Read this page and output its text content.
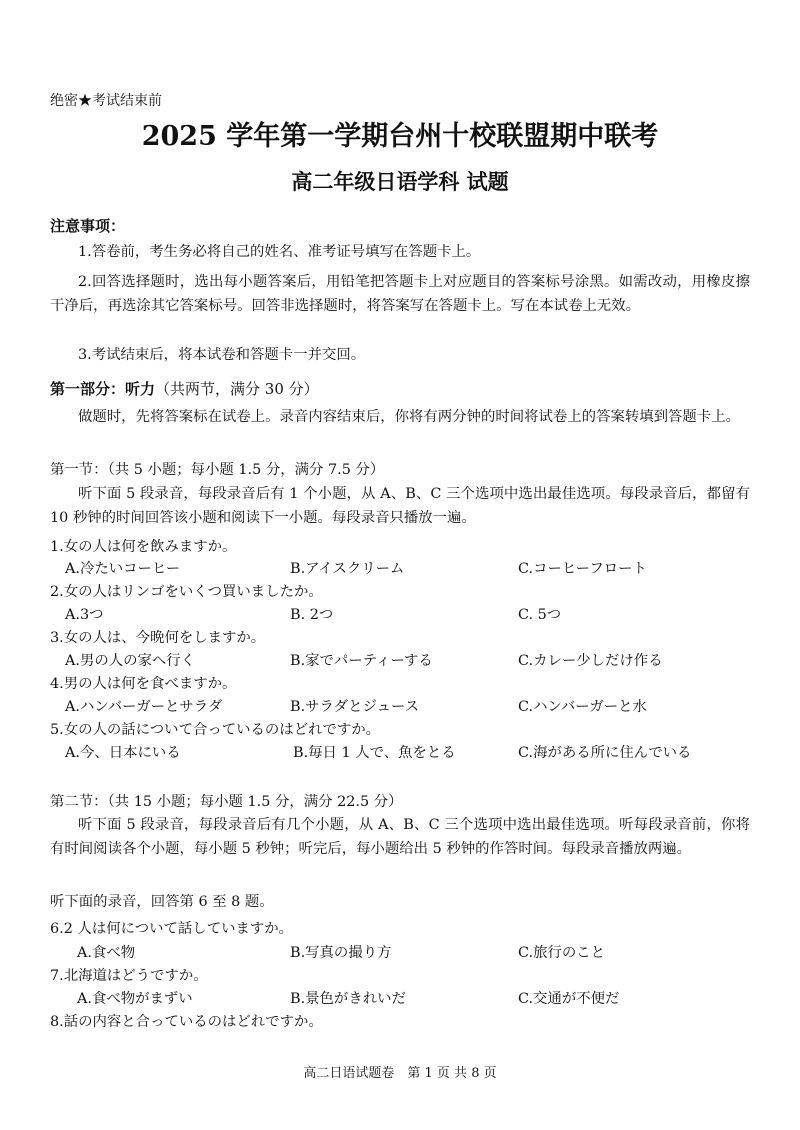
绝密★考试结束前
2025 学年第一学期台州十校联盟期中联考
高二年级日语学科 试题
注意事项：
1.答卷前，考生务必将自己的姓名、准考证号填写在答题卡上。
2.回答选择题时，选出每小题答案后，用铅笔把答题卡上对应题目的答案标号涂黑。如需改动，用橡皮擦干净后，再选涂其它答案标号。回答非选择题时，将答案写在答题卡上。写在本试卷上无效。
3.考试结束后，将本试卷和答题卡一并交回。
第一部分：听力（共两节，满分 30 分）
做题时，先将答案标在试卷上。录音内容结束后，你将有两分钟的时间将试卷上的答案转填到答题卡上。
第一节：（共 5 小题；每小题 1.5 分，满分 7.5 分）
听下面 5 段录音，每段录音后有 1 个小题，从 A、B、C 三个选项中选出最佳选项。每段录音后，都留有 10 秒钟的时间回答该小题和阅读下一小题。每段录音只播放一遍。
1.女の人は何を飲みますか。
A.冷たいコーヒー	B.アイスクリーム	C.コーヒーフロート
2.女の人はリンゴをいくつ買いましたか。
A.3つ	B. 2つ	C. 5つ
3.女の人は、今晩何をしますか。
A.男の人の家へ行く	B.家でパーティーする	C.カレー少しだけ作る
4.男の人は何を食べますか。
A.ハンバーガーとサラダ	B.サラダとジュース	C.ハンバーガーと水
5.女の人の話について合っているのはどれですか。
A.今、日本にいる	B.毎日 1 人で、魚をとる	C.海がある所に住んでいる
第二节：（共 15 小题；每小题 1.5 分，满分 22.5 分）
听下面 5 段录音，每段录音后有几个小题，从 A、B、C 三个选项中选出最佳选项。听每段录音前，你将有时间阅读各个小题，每小题 5 秒钟；听完后，每小题给出 5 秒钟的作答时间。每段录音播放两遍。
听下面的录音，回答第 6 至 8 题。
6.2 人は何について話していますか。
A.食べ物	B.写真の撮り方	C.旅行のこと
7.北海道はどうですか。
A.食べ物がまずい	B.景色がきれいだ	C.交通が不便だ
8.話の内容と合っているのはどれですか。
高二日语试题卷　第 1 页 共 8 页
